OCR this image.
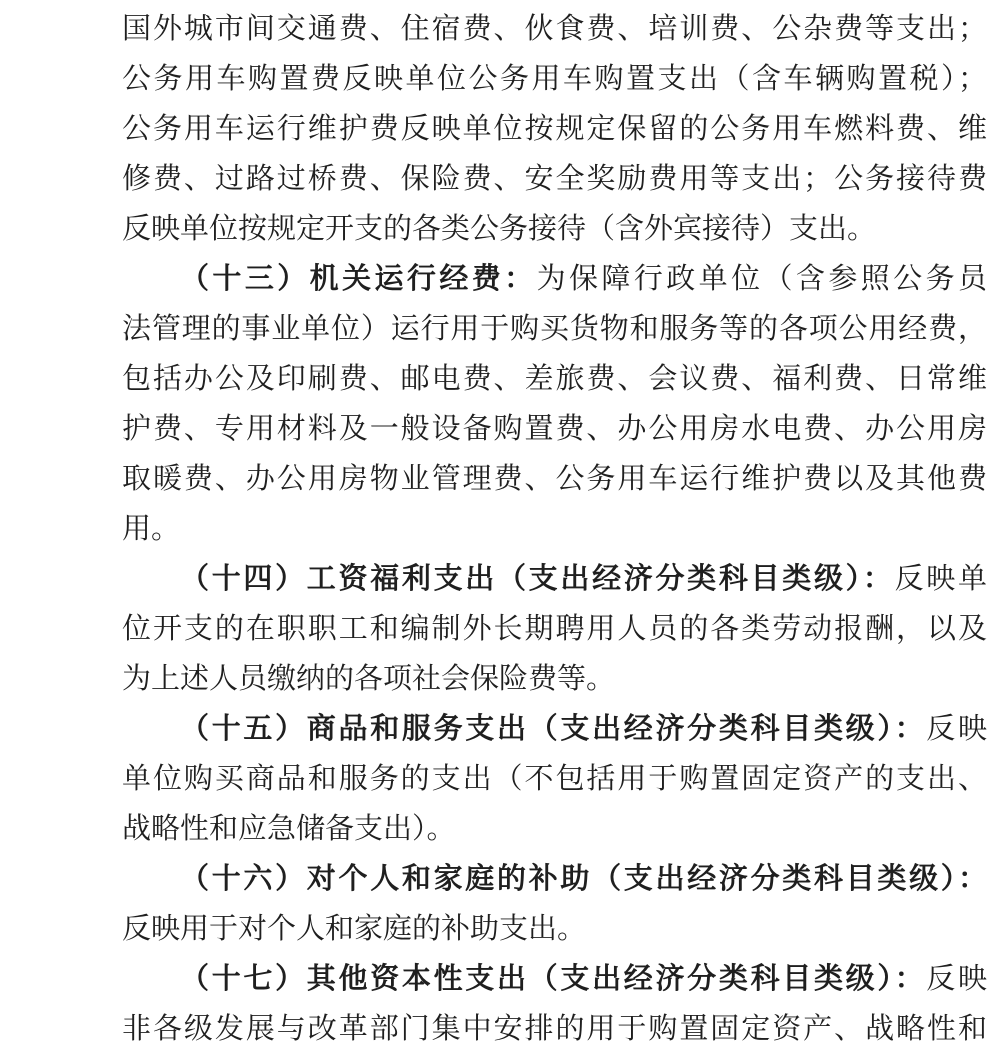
国外城市间交通费、住宿费、伙食费、培训费、公杂费等支出；
公务用车购置费反映单位公务用车购置支出（含车辆购置税）；
公务用车运行维护费反映单位按规定保留的公务用车燃料费、维
修费、过路过桥费、保险费、安全奖励费用等支出；公务接待费
反映单位按规定开支的各类公务接待（含外宾接待）支出。
（十三）机关运行经费：为保障行政单位（含参照公务员
法管理的事业单位）运行用于购买货物和服务等的各项公用经费，
包括办公及印刷费、邮电费、差旅费、会议费、福利费、日常维
护费、专用材料及一般设备购置费、办公用房水电费、办公用房
取暖费、办公用房物业管理费、公务用车运行维护费以及其他费
用。
（十四）工资福利支出（支出经济分类科目类级）：反映单
位开支的在职职工和编制外长期聘用人员的各类劳动报酬，以及
为上述人员缴纳的各项社会保险费等。
（十五）商品和服务支出（支出经济分类科目类级）：反映
单位购买商品和服务的支出（不包括用于购置固定资产的支出、
战略性和应急储备支出）。
（十六）对个人和家庭的补助（支出经济分类科目类级）：
反映用于对个人和家庭的补助支出。
（十七）其他资本性支出（支出经济分类科目类级）：反映
非各级发展与改革部门集中安排的用于购置固定资产、战略性和
